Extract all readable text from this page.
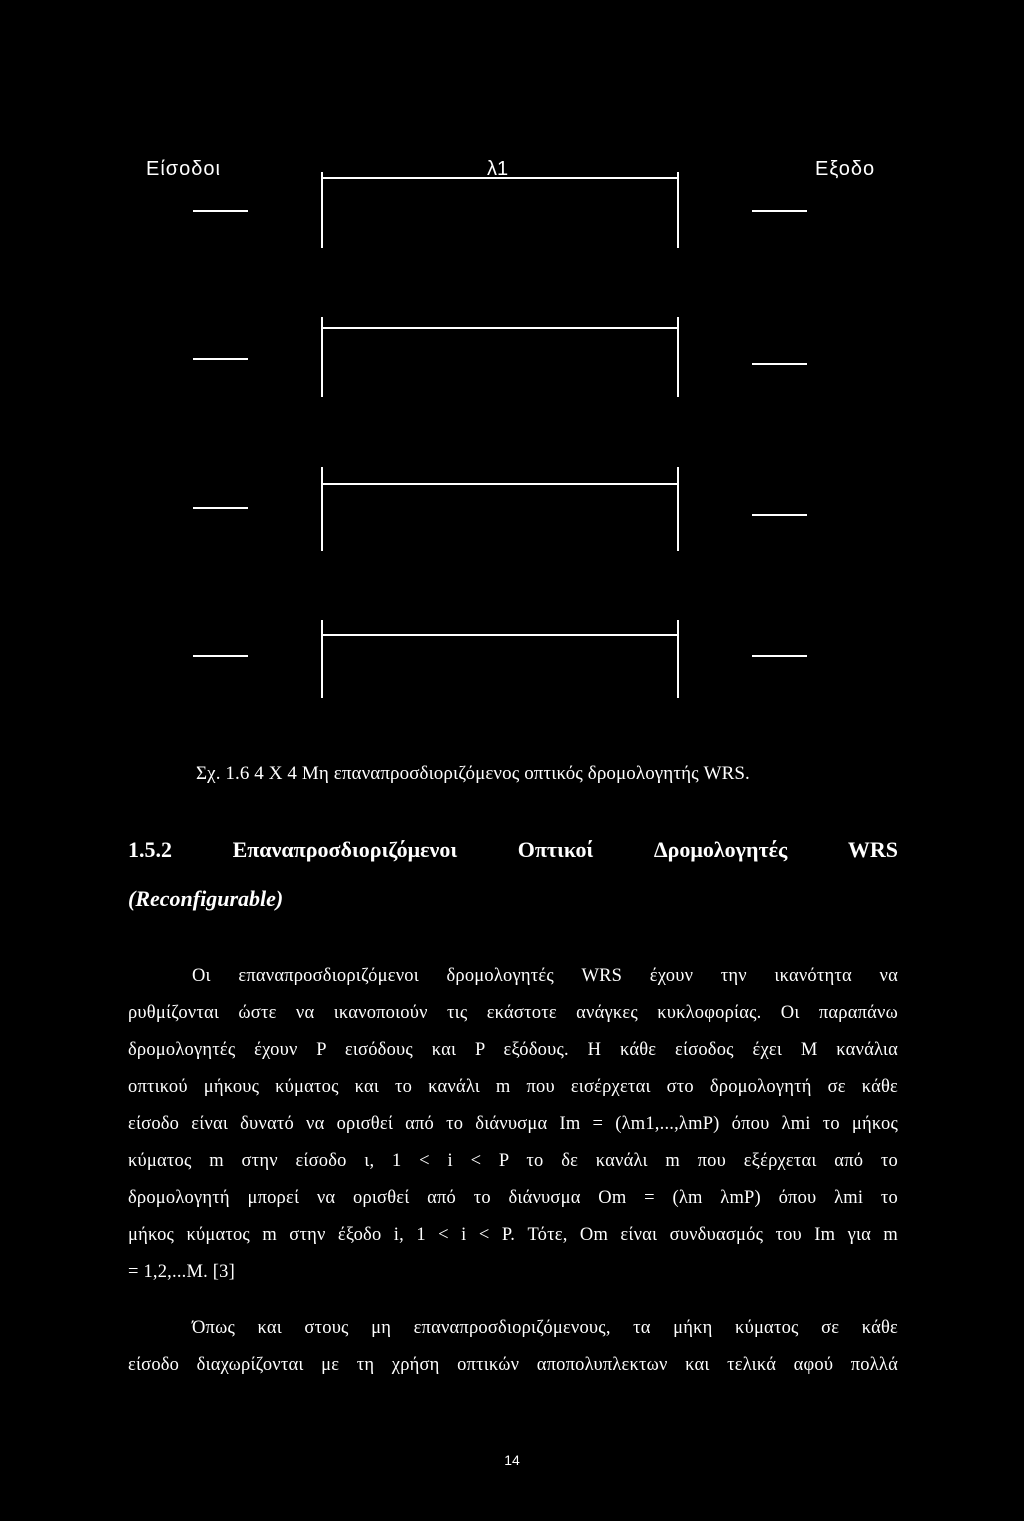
Είσοδοι	λ1	Εξοδο
Σχ. 1.6 4 X 4 Μη επαναπροσδιοριζόμενος οπτικός δρομολογητής WRS.
1.5.2	Επαναπροσδιοριζόμενοι	Οπτικοί	Δρομολογητές	WRS
(Reconfigurable)
Οι επαναπροσδιοριζόμενοι δρομολογητές WRS έχουν την ικανότητα να
ρυθμίζονται ώστε να ικανοποιούν τις εκάστοτε ανάγκες κυκλοφορίας. Οι παραπάνω
δρομολογητές έχουν P εισόδους και P εξόδους. Η κάθε είσοδος έχει M κανάλια
οπτικού μήκους κύματος και το κανάλι m που εισέρχεται στο δρομολογητή σε κάθε
είσοδο είναι δυνατό να ορισθεί από το διάνυσμα Im = (λm1,...,λmP) όπου λmi το μήκος
κύματος m στην είσοδο ι, 1 < i < P το δε κανάλι m που εξέρχεται από το
δρομολογητή μπορεί να ορισθεί από το διάνυσμα Om = (λm λmP) όπου λmi το
μήκος κύματος m στην έξοδο i, 1 < i < P. Τότε, Om είναι συνδυασμός του Im για m
= 1,2,...M. [3]
Όπως και στους μη επαναπροσδιοριζόμενους, τα μήκη κύματος σε κάθε
είσοδο διαχωρίζονται με τη χρήση οπτικών αποπολυπλεκτων και τελικά αφού πολλά
14
